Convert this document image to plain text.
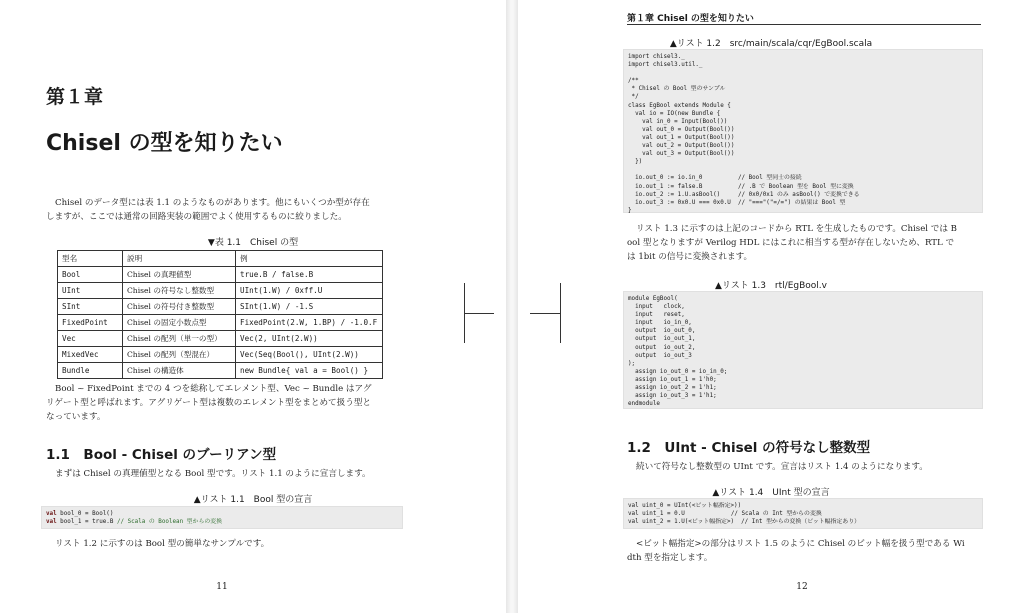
第１章
Chisel の型を知りたい
Chisel のデータ型には表 1.1 のようなものがあります。他にもいくつか型が存在
しますが、ここでは通常の回路実装の範囲でよく使用するものに絞りました。
▼表 1.1　Chisel の型
型名	説明	例
Bool	Chisel の真理値型	true.B / false.B
UInt	Chisel の符号なし整数型	UInt(1.W) / 0xff.U
SInt	Chisel の符号付き整数型	SInt(1.W) / -1.S
FixedPoint	Chisel の固定小数点型	FixedPoint(2.W, 1.BP) / -1.0.F
Vec	Chisel の配列（単一の型）	Vec(2, UInt(2.W))
MixedVec	Chisel の配列（型混在）	Vec(Seq(Bool(), UInt(2.W))
Bundle	Chisel の構造体	new Bundle{ val a = Bool() }
Bool ~ FixedPoint までの 4 つを総称してエレメント型、Vec ~ Bundle はアグ
リゲート型と呼ばれます。アグリゲート型は複数のエレメント型をまとめて扱う型と
なっています。
1.1　Bool - Chisel のブーリアン型
まずは Chisel の真理値型となる Bool 型です。リスト 1.1 のように宣言します。
▲リスト 1.1　Bool 型の宣言
val bool_0 = Bool()
val bool_1 = true.B // Scala の Boolean 型からの変換
リスト 1.2 に示すのは Bool 型の簡単なサンプルです。
11
第１章 Chisel の型を知りたい
▲リスト 1.2　src/main/scala/cqr/EgBool.scala
import chisel3._
import chisel3.util._

/**
* Chisel の Bool 型のサンプル
*/
class EgBool extends Module {
val io = IO(new Bundle {
val in_0 = Input(Bool())
val out_0 = Output(Bool())
val out_1 = Output(Bool())
val out_2 = Output(Bool())
val out_3 = Output(Bool())
})

io.out_0 := io.in_0          // Bool 型同士の接続
io.out_1 := false.B          // .B で Boolean 型を Bool 型に変換
io.out_2 := 1.U.asBool()     // 0x0/0x1 のみ asBool() で変換できる
io.out_3 := 0x0.U === 0x0.U  // "==="("=/=") の結果は Bool 型
}
リスト 1.3 に示すのは上記のコードから RTL を生成したものです。Chisel では B
ool 型となりますが Verilog HDL にはこれに相当する型が存在しないため、RTL で
は 1bit の信号に変換されます。
▲リスト 1.3　rtl/EgBool.v
module EgBool(
input   clock,
input   reset,
input   io_in_0,
output  io_out_0,
output  io_out_1,
output  io_out_2,
output  io_out_3
);
assign io_out_0 = io_in_0;
assign io_out_1 = 1'h0;
assign io_out_2 = 1'h1;
assign io_out_3 = 1'h1;
endmodule
1.2　UInt - Chisel の符号なし整数型
続いて符号なし整数型の UInt です。宣言はリスト 1.4 のようになります。
▲リスト 1.4　UInt 型の宣言
val uint_0 = UInt(<ビット幅指定>))
val uint_1 = 0.U             // Scala の Int 型からの変換
val uint_2 = 1.U(<ビット幅指定>)  // Int 型からの変換（ビット幅指定あり）
<ビット幅指定>の部分はリスト 1.5 のように Chisel のビット幅を扱う型である Wi
dth 型を指定します。
12
